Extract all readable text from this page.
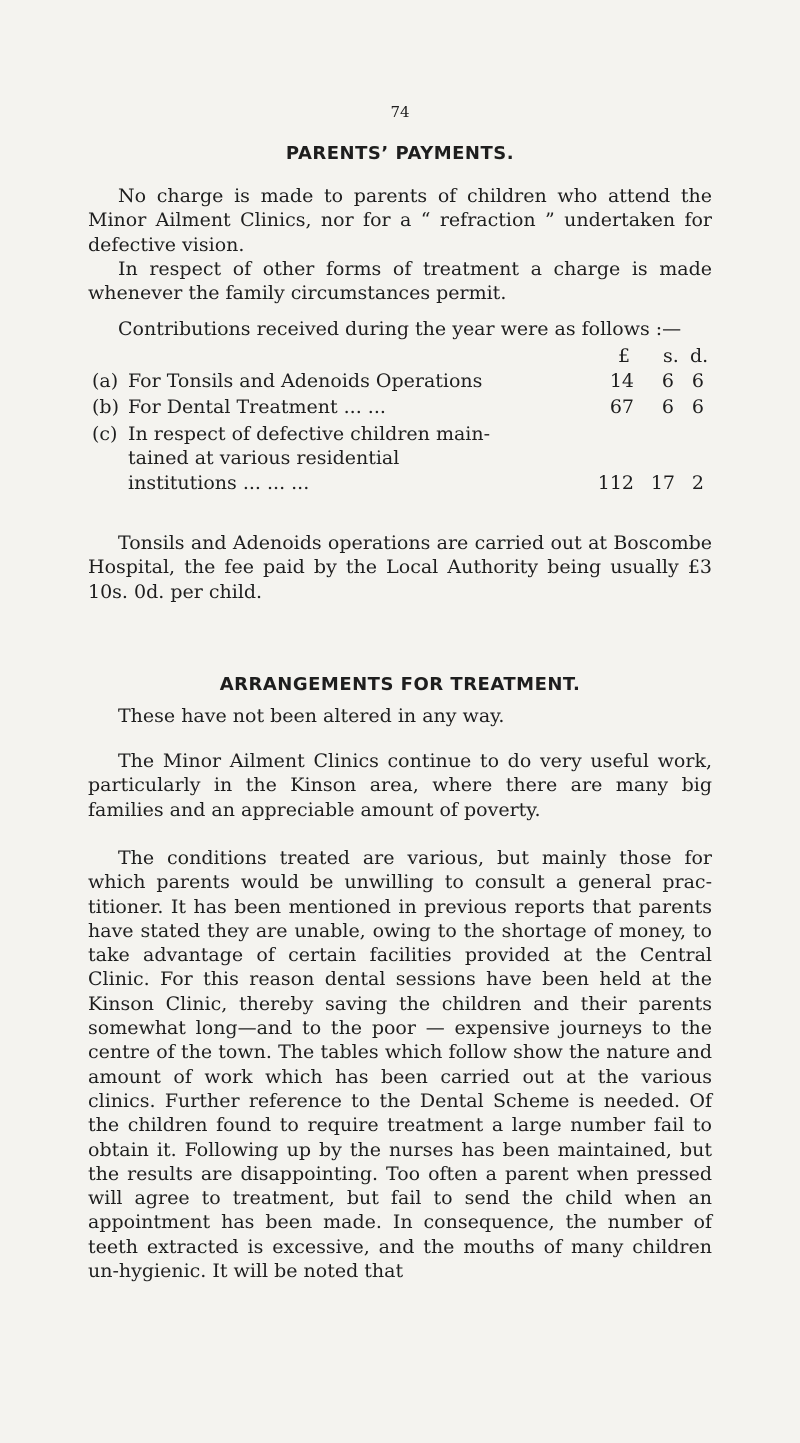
74
PARENTS’ PAYMENTS.

No charge is made to parents of children who attend the Minor Ailment Clinics, nor for a “ refraction ” undertaken for defective vision.

In respect of other forms of treatment a charge is made whenever the family circumstances permit.

Contributions received during the year were as follows :—
£ s. d.
(a) For Tonsils and Adenoids Operations	14	6 6
(b) For Dental Treatment ... ...	67	6 6
(c) In respect of defective children main-
tained at various residential
institutions ... ... ...	112 17 2

Tonsils and Adenoids operations are carried out at Boscombe Hospital, the fee paid by the Local Authority being usually £3 10s. 0d. per child.

ARRANGEMENTS FOR TREATMENT.

These have not been altered in any way.

The Minor Ailment Clinics continue to do very useful work, particularly in the Kinson area, where there are many big families and an appreciable amount of poverty.

The conditions treated are various, but mainly those for which parents would be unwilling to consult a general prac-titioner. It has been mentioned in previous reports that parents have stated they are unable, owing to the shortage of money, to take advantage of certain facilities provided at the Central Clinic. For this reason dental sessions have been held at the Kinson Clinic, thereby saving the children and their parents somewhat long—and to the poor — expensive journeys to the centre of the town. The tables which follow show the nature and amount of work which has been carried out at the various clinics. Further reference to the Dental Scheme is needed. Of the children found to require treatment a large number fail to obtain it. Following up by the nurses has been maintained, but the results are disappointing. Too often a parent when pressed will agree to treatment, but fail to send the child when an appointment has been made. In consequence, the number of teeth extracted is excessive, and the mouths of many children un-hygienic. It will be noted that
